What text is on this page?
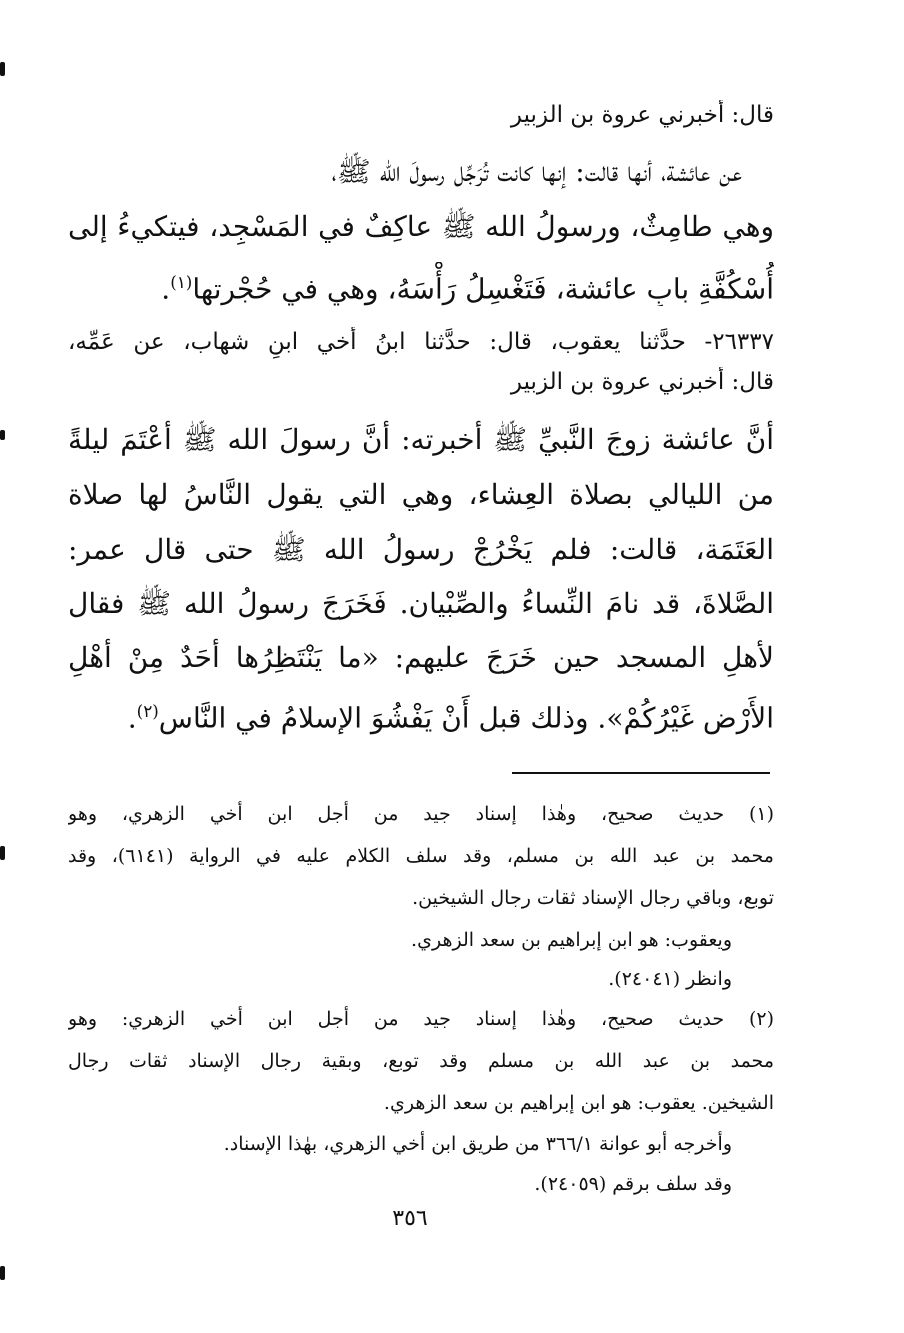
قال: أخبرني عروة بن الزبير
عن عائشة، أنها قالت: إنها كانت تُرَجِّل رسولَ الله ﷺ،
وهي طامِثٌ، ورسولُ الله ﷺ عاكِفٌ في المَسْجِد، فيتكيءُ إلى
أُسْكُفَّةِ بابِ عائشة، فَتَغْسِلُ رَأْسَهُ، وهي في حُجْرتها$^{(١)}$.
٢٦٣٣٧- حدَّثنا يعقوب، قال: حدَّثنا ابنُ أخي ابنِ شهاب، عن عَمِّه،
قال: أخبرني عروة بن الزبير
أَنَّ عائشة زوجَ النَّبيِّ ﷺ أخبرته: أَنَّ رسولَ الله ﷺ أَعْتَمَ ليلةً
من الليالي بصلاة العِشاء، وهي التي يقول النَّاسُ لها صلاة
العَتَمَة، قالت: فلم يَخْرُجْ رسولُ الله ﷺ حتى قال عمر:
الصَّلاةَ، قد نامَ النِّساءُ والصِّبْيان. فَخَرَجَ رسولُ الله ﷺ فقال
لأهلِ المسجد حين خَرَجَ عليهم: «ما يَنْتَظِرُها أَحَدٌ مِنْ أَهْلِ
الأَرْضِ غَيْرُكُمْ». وذلك قبل أَنْ يَفْشُوَ الإسلامُ في النَّاس$^{(٢)}$.
(١) حديث صحيح، وهٰذا إسناد جيد من أجل ابن أخي الزهري، وهو
محمد بن عبد الله بن مسلم، وقد سلف الكلام عليه في الرواية (٦١٤١)، وقد
توبع، وباقي رجال الإسناد ثقات رجال الشيخين.
ويعقوب: هو ابن إبراهيم بن سعد الزهري.
وانظر (٢٤٠٤١).
(٢) حديث صحيح، وهٰذا إسناد جيد من أجل ابن أخي الزهري: وهو
محمد بن عبد الله بن مسلم وقد توبع، وبقية رجال الإسناد ثقات رجال
الشيخين. يعقوب: هو ابن إبراهيم بن سعد الزهري.
وأخرجه أبو عوانة ٣٦٦/١ من طريق ابن أخي الزهري، بهٰذا الإسناد.
وقد سلف برقم (٢٤٠٥٩).
٣٥٦
